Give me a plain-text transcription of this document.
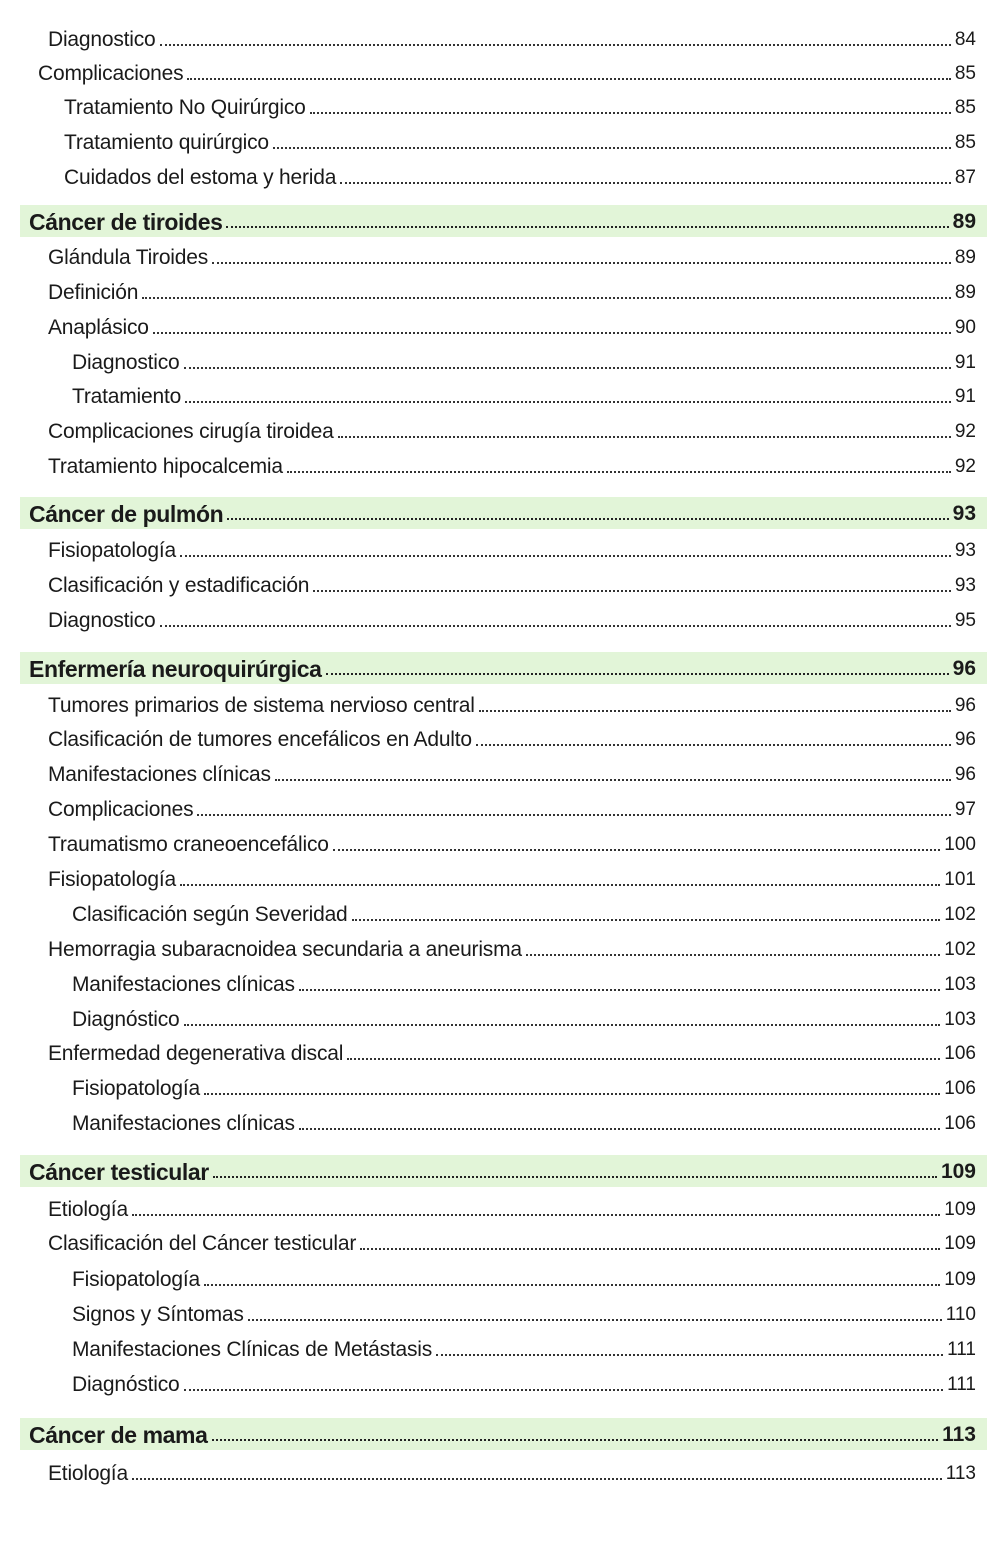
Diagnostico	84
Complicaciones	85
Tratamiento No Quirúrgico	85
Tratamiento quirúrgico	85
Cuidados del estoma y herida	87
Cáncer de tiroides	89
Glándula Tiroides	89
Definición	89
Anaplásico	90
Diagnostico	91
Tratamiento	91
Complicaciones cirugía tiroidea	92
Tratamiento hipocalcemia	92
Cáncer de pulmón	93
Fisiopatología	93
Clasificación y estadificación	93
Diagnostico	95
Enfermería neuroquirúrgica	96
Tumores primarios de sistema nervioso central	96
Clasificación de tumores encefálicos en Adulto	96
Manifestaciones clínicas	96
Complicaciones	97
Traumatismo craneoencefálico	100
Fisiopatología	101
Clasificación según Severidad	102
Hemorragia subaracnoidea secundaria a aneurisma	102
Manifestaciones clínicas	103
Diagnóstico	103
Enfermedad degenerativa discal	106
Fisiopatología	106
Manifestaciones clínicas	106
Cáncer testicular	109
Etiología	109
Clasificación del Cáncer testicular	109
Fisiopatología	109
Signos y Síntomas	110
Manifestaciones Clínicas de Metástasis	111
Diagnóstico	111
Cáncer de mama	113
Etiología	113
